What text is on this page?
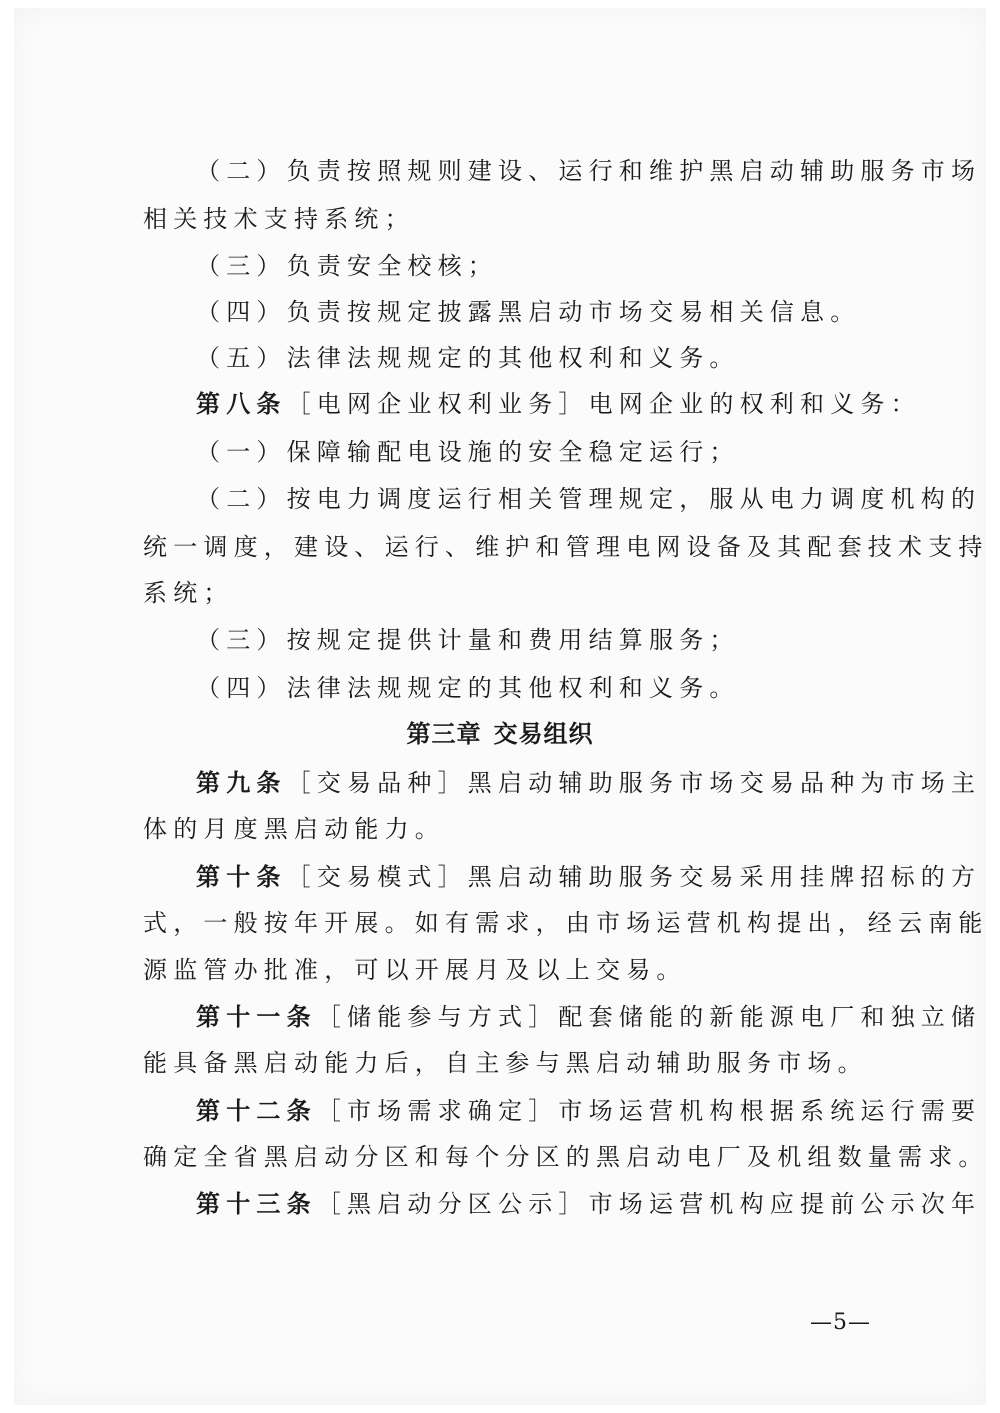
（二）负责按照规则建设、运行和维护黑启动辅助服务市场
相关技术支持系统；
（三）负责安全校核；
（四）负责按规定披露黑启动市场交易相关信息。
（五）法律法规规定的其他权利和义务。
第八条［电网企业权利业务］电网企业的权利和义务：
（一）保障输配电设施的安全稳定运行；
（二）按电力调度运行相关管理规定，服从电力调度机构的
统一调度，建设、运行、维护和管理电网设备及其配套技术支持
系统；
（三）按规定提供计量和费用结算服务；
（四）法律法规规定的其他权利和义务。
第三章 交易组织
第九条［交易品种］黑启动辅助服务市场交易品种为市场主
体的月度黑启动能力。
第十条［交易模式］黑启动辅助服务交易采用挂牌招标的方
式，一般按年开展。如有需求，由市场运营机构提出，经云南能
源监管办批准，可以开展月及以上交易。
第十一条［储能参与方式］配套储能的新能源电厂和独立储
能具备黑启动能力后，自主参与黑启动辅助服务市场。
第十二条［市场需求确定］市场运营机构根据系统运行需要
确定全省黑启动分区和每个分区的黑启动电厂及机组数量需求。
第十三条［黑启动分区公示］市场运营机构应提前公示次年
—5—
